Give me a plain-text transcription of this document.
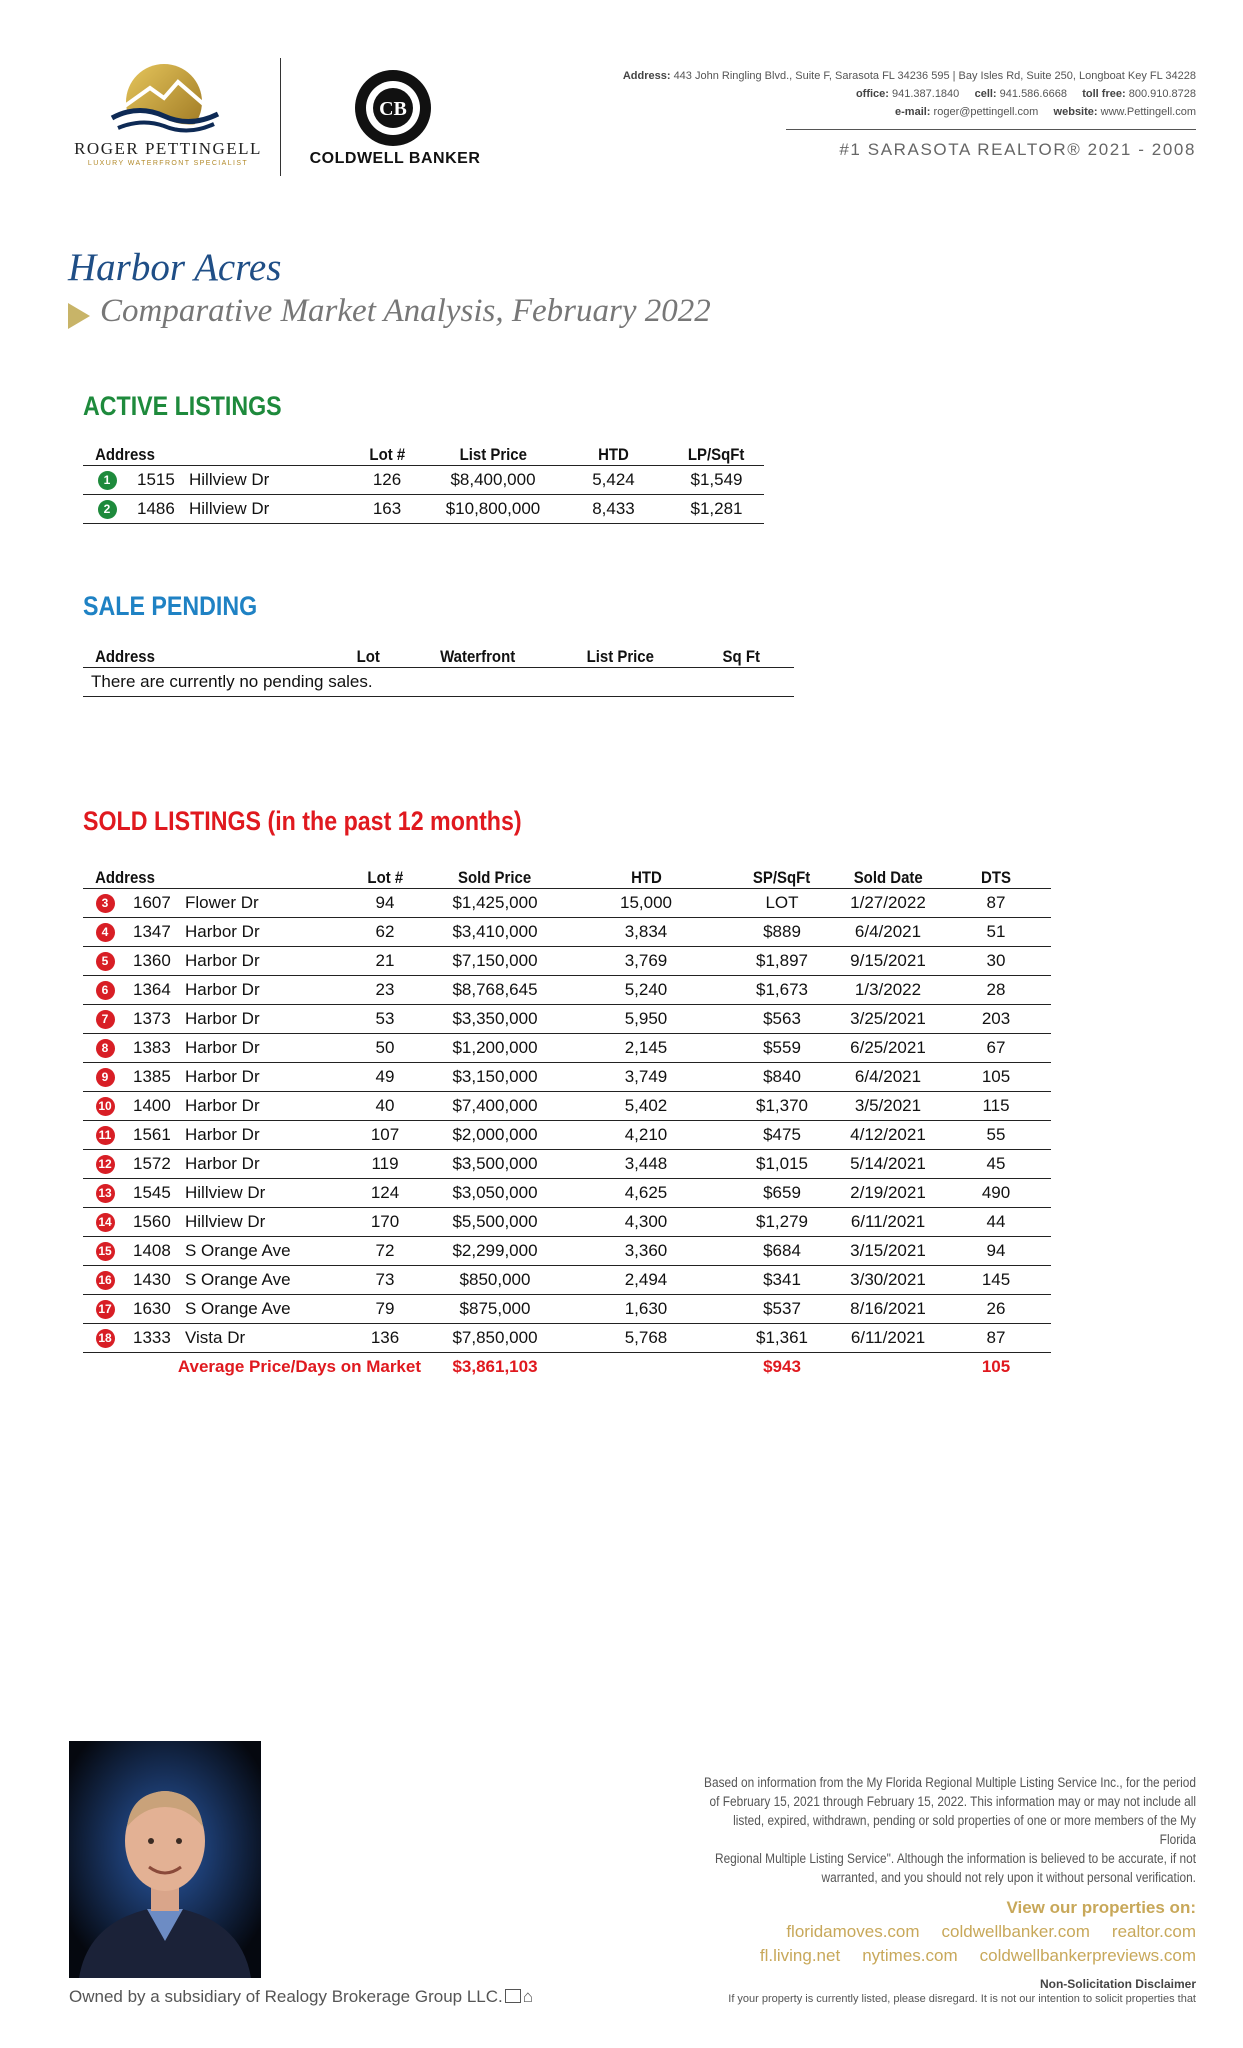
ROGER PETTINGELL
LUXURY WATERFRONT SPECIALIST
CB
COLDWELL BANKER
Address: 443 John Ringling Blvd., Suite F, Sarasota FL 34236 595 | Bay Isles Rd, Suite 250, Longboat Key FL 34228
office: 941.387.1840 cell: 941.586.6668 toll free: 800.910.8728
e-mail: roger@pettingell.com website: www.Pettingell.com
#1 SARASOTA REALTOR® 2021 - 2008
Harbor Acres
Comparative Market Analysis, February 2022
ACTIVE LISTINGS
Address			Lot #	List Price	HTD	LP/SqFt
1	1515	Hillview Dr	126	$8,400,000	5,424	$1,549
2	1486	Hillview Dr	163	$10,800,000	8,433	$1,281
SALE PENDING
Address	Lot	Waterfront	List Price	Sq Ft
There are currently no pending sales.
SOLD LISTINGS (in the past 12 months)
Address			Lot #	Sold Price	HTD	SP/SqFt	Sold Date	DTS
3	1607	Flower Dr	94	$1,425,000	15,000	LOT	1/27/2022	87
4	1347	Harbor Dr	62	$3,410,000	3,834	$889	6/4/2021	51
5	1360	Harbor Dr	21	$7,150,000	3,769	$1,897	9/15/2021	30
6	1364	Harbor Dr	23	$8,768,645	5,240	$1,673	1/3/2022	28
7	1373	Harbor Dr	53	$3,350,000	5,950	$563	3/25/2021	203
8	1383	Harbor Dr	50	$1,200,000	2,145	$559	6/25/2021	67
9	1385	Harbor Dr	49	$3,150,000	3,749	$840	6/4/2021	105
10	1400	Harbor Dr	40	$7,400,000	5,402	$1,370	3/5/2021	115
11	1561	Harbor Dr	107	$2,000,000	4,210	$475	4/12/2021	55
12	1572	Harbor Dr	119	$3,500,000	3,448	$1,015	5/14/2021	45
13	1545	Hillview Dr	124	$3,050,000	4,625	$659	2/19/2021	490
14	1560	Hillview Dr	170	$5,500,000	4,300	$1,279	6/11/2021	44
15	1408	S Orange Ave	72	$2,299,000	3,360	$684	3/15/2021	94
16	1430	S Orange Ave	73	$850,000	2,494	$341	3/30/2021	145
17	1630	S Orange Ave	79	$875,000	1,630	$537	8/16/2021	26
18	1333	Vista Dr	136	$7,850,000	5,768	$1,361	6/11/2021	87
	Average Price/Days on Market			$3,861,103		$943		105
Owned by a subsidiary of Realogy Brokerage Group LLC. ⌂
Based on information from the My Florida Regional Multiple Listing Service Inc., for the period
of February 15, 2021 through February 15, 2022. This information may or may not include all
listed, expired, withdrawn, pending or sold properties of one or more members of the My Florida
Regional Multiple Listing Service". Although the information is believed to be accurate, if not
warranted, and you should not rely upon it without personal verification.
View our properties on:
floridamoves.com coldwellbanker.com realtor.com
fl.living.net nytimes.com coldwellbankerpreviews.com
Non-Solicitation Disclaimer
If your property is currently listed, please disregard. It is not our intention to solicit properties that
